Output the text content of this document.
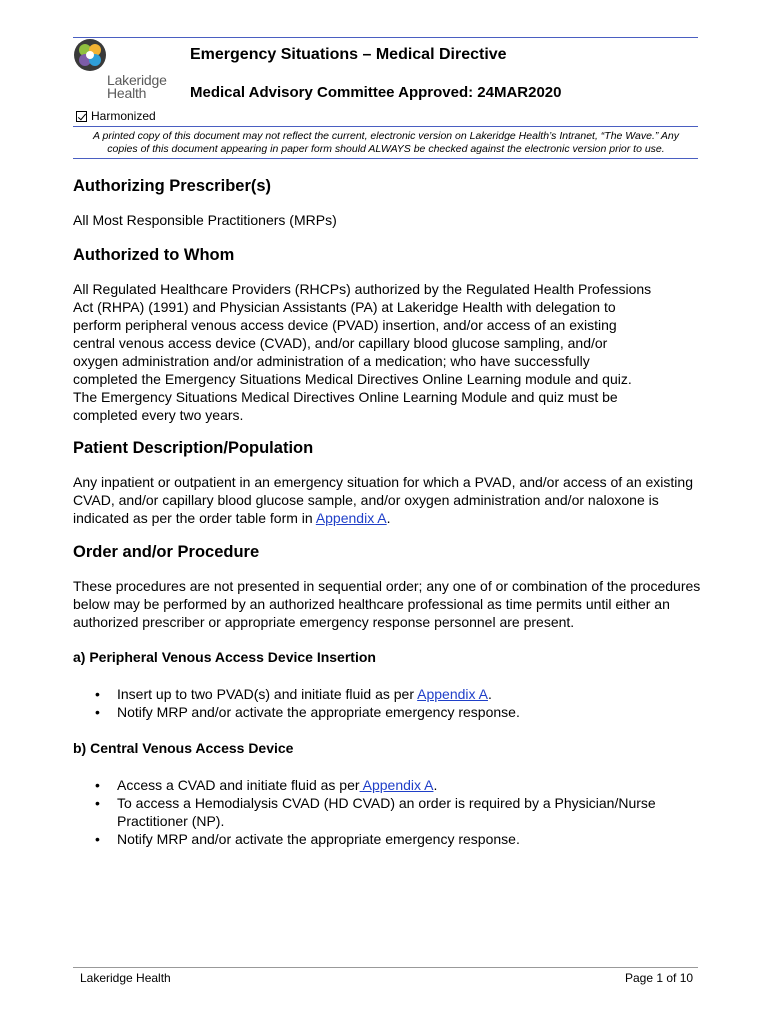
Lakeridge
Health
Emergency Situations – Medical Directive
Medical Advisory Committee Approved: 24MAR2020
Harmonized
A printed copy of this document may not reflect the current, electronic version on Lakeridge Health’s Intranet, “The Wave.” Any
copies of this document appearing in paper form should ALWAYS be checked against the electronic version prior to use.
Authorizing Prescriber(s)
All Most Responsible Practitioners (MRPs)
Authorized to Whom
All Regulated Healthcare Providers (RHCPs) authorized by the Regulated Health Professions
Act (RHPA) (1991) and Physician Assistants (PA) at Lakeridge Health with delegation to
perform peripheral venous access device (PVAD) insertion, and/or access of an existing
central venous access device (CVAD), and/or capillary blood glucose sampling, and/or
oxygen administration and/or administration of a medication; who have successfully
completed the Emergency Situations Medical Directives Online Learning module and quiz.
The Emergency Situations Medical Directives Online Learning Module and quiz must be
completed every two years.
Patient Description/Population
Any inpatient or outpatient in an emergency situation for which a PVAD, and/or access of an existing
CVAD, and/or capillary blood glucose sample, and/or oxygen administration and/or naloxone is
indicated as per the order table form in Appendix A.
Order and/or Procedure
These procedures are not presented in sequential order; any one of or combination of the procedures
below may be performed by an authorized healthcare professional as time permits until either an
authorized prescriber or appropriate emergency response personnel are present.
a) Peripheral Venous Access Device Insertion
• Insert up to two PVAD(s) and initiate fluid as per Appendix A.
• Notify MRP and/or activate the appropriate emergency response.
b) Central Venous Access Device
• Access a CVAD and initiate fluid as per Appendix A.
• To access a Hemodialysis CVAD (HD CVAD) an order is required by a Physician/Nurse
Practitioner (NP).
• Notify MRP and/or activate the appropriate emergency response.
Lakeridge Health	Page 1 of 10
